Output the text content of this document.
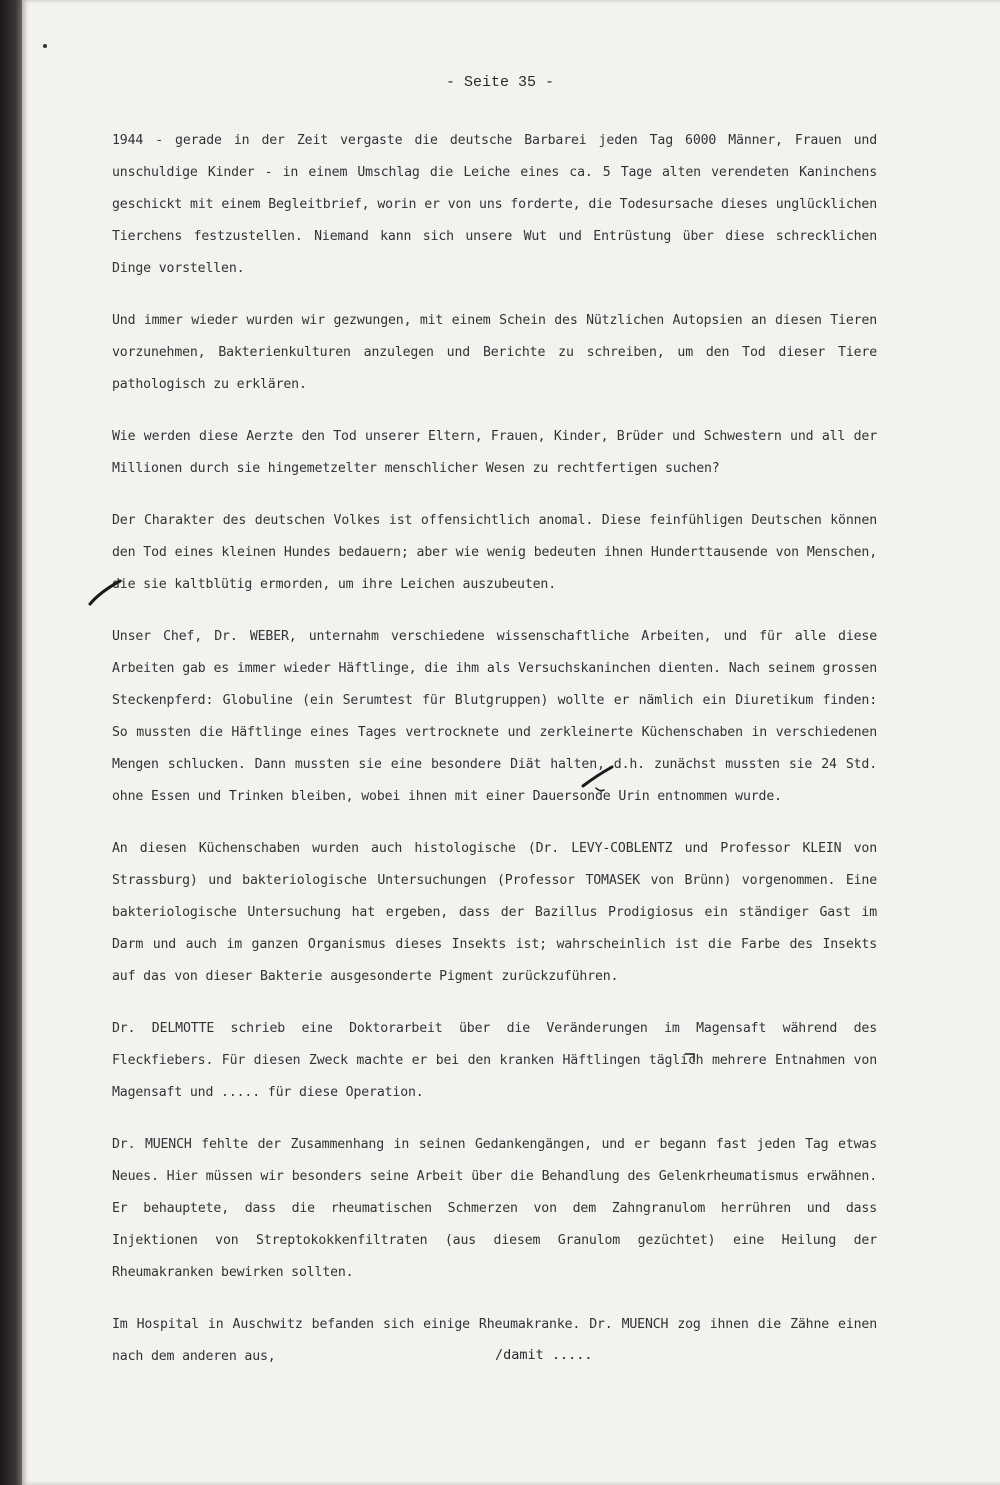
- Seite 35 -

1944 - gerade in der Zeit vergaste die deutsche Barbarei jeden Tag 6000 Männer, Frauen und unschuldige Kinder - in einem Umschlag die Leiche eines ca. 5 Tage alten verendeten Kaninchens geschickt mit einem Begleitbrief, worin er von uns forderte, die Todesursache dieses unglücklichen Tierchens festzustellen. Niemand kann sich unsere Wut und Entrüstung über diese schrecklichen Dinge vorstellen.

Und immer wieder wurden wir gezwungen, mit einem Schein des Nützlichen Autopsien an diesen Tieren vorzunehmen, Bakterienkulturen anzulegen und Berichte zu schreiben, um den Tod dieser Tiere pathologisch zu erklären.

Wie werden diese Aerzte den Tod unserer Eltern, Frauen, Kinder, Brüder und Schwestern und all der Millionen durch sie hingemetzelter menschlicher Wesen zu rechtfertigen suchen?

Der Charakter des deutschen Volkes ist offensichtlich anomal. Diese feinfühligen Deutschen können den Tod eines kleinen Hundes bedauern; aber wie wenig bedeuten ihnen Hunderttausende von Menschen, die sie kaltblütig ermorden, um ihre Leichen auszubeuten.

Unser Chef, Dr. WEBER, unternahm verschiedene wissenschaftliche Arbeiten, und für alle diese Arbeiten gab es immer wieder Häftlinge, die ihm als Versuchskaninchen dienten. Nach seinem grossen Steckenpferd: Globuline (ein Serumtest für Blutgruppen) wollte er nämlich ein Diuretikum finden: So mussten die Häftlinge eines Tages vertrocknete und zerkleinerte Küchenschaben in verschiedenen Mengen schlucken. Dann mussten sie eine besondere Diät halten, d.h. zunächst mussten sie 24 Std. ohne Essen und Trinken bleiben, wobei ihnen mit einer Dauersonde Urin entnommen wurde.

An diesen Küchenschaben wurden auch histologische (Dr. LEVY-COBLENTZ und Professor KLEIN von Strassburg) und bakteriologische Untersuchungen (Professor TOMASEK von Brünn) vorgenommen. Eine bakteriologische Untersuchung hat ergeben, dass der Bazillus Prodigiosus ein ständiger Gast im Darm und auch im ganzen Organismus dieses Insekts ist; wahrscheinlich ist die Farbe des Insekts auf das von dieser Bakterie ausgesonderte Pigment zurückzuführen.

Dr. DELMOTTE schrieb eine Doktorarbeit über die Veränderungen im Magensaft während des Fleckfiebers. Für diesen Zweck machte er bei den kranken Häftlingen täglich mehrere Entnahmen von Magensaft und ..... für diese Operation.

Dr. MUENCH fehlte der Zusammenhang in seinen Gedankengängen, und er begann fast jeden Tag etwas Neues. Hier müssen wir besonders seine Arbeit über die Behandlung des Gelenkrheumatismus erwähnen. Er behauptete, dass die rheumatischen Schmerzen von dem Zahngranulom herrühren und dass Injektionen von Streptokokkenfiltraten (aus diesem Granulom gezüchtet) eine Heilung der Rheumakranken bewirken sollten.

Im Hospital in Auschwitz befanden sich einige Rheumakranke. Dr. MUENCH zog ihnen die Zähne einen nach dem anderen aus,	/damit .....
